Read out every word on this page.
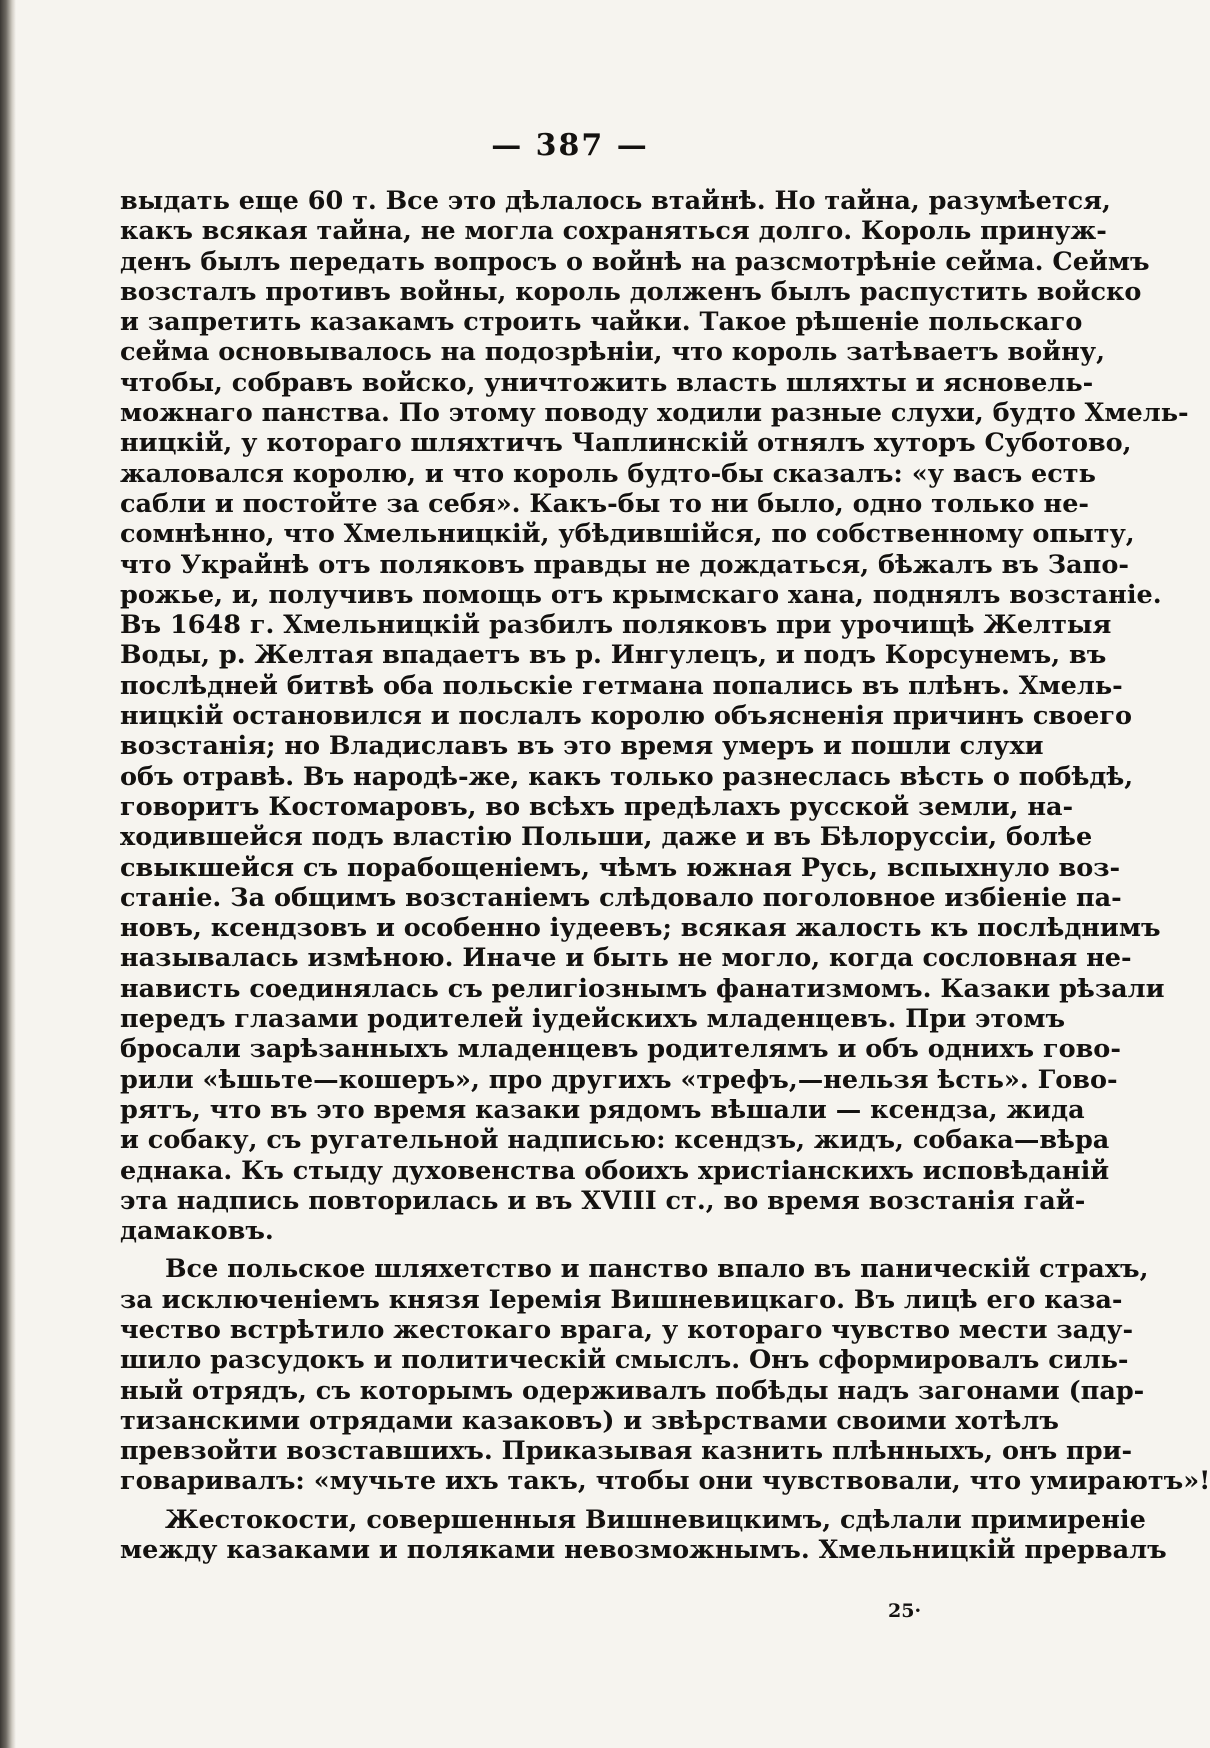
— 387 —
выдать еще 60 т. Все это дѣлалось втайнѣ. Но тайна, разумѣется,
какъ всякая тайна, не могла сохраняться долго. Король принуж-
денъ былъ передать вопросъ о войнѣ на разсмотрѣніе сейма. Сеймъ
возсталъ противъ войны, король долженъ былъ распустить войско
и запретить казакамъ строить чайки. Такое рѣшеніе польскаго
сейма основывалось на подозрѣніи, что король затѣваетъ войну,
чтобы, собравъ войско, уничтожить власть шляхты и ясновель-
можнаго панства. По этому поводу ходили разные слухи, будто Хмель-
ницкій, у котораго шляхтичъ Чаплинскій отнялъ хуторъ Суботово,
жаловался королю, и что король будто-бы сказалъ: «у васъ есть
сабли и постойте за себя». Какъ-бы то ни было, одно только не-
сомнѣнно, что Хмельницкій, убѣдившійся, по собственному опыту,
что Украйнѣ отъ поляковъ правды не дождаться, бѣжалъ въ Запо-
рожье, и, получивъ помощь отъ крымскаго хана, поднялъ возстаніе.
Въ 1648 г. Хмельницкій разбилъ поляковъ при урочищѣ Желтыя
Воды, р. Желтая впадаетъ въ р. Ингулецъ, и подъ Корсунемъ, въ
послѣдней битвѣ оба польскіе гетмана попались въ плѣнъ. Хмель-
ницкій остановился и послалъ королю объясненія причинъ своего
возстанія; но Владиславъ въ это время умеръ и пошли слухи
объ отравѣ. Въ народѣ-же, какъ только разнеслась вѣсть о побѣдѣ,
говоритъ Костомаровъ, во всѣхъ предѣлахъ русской земли, на-
ходившейся подъ властію Польши, даже и въ Бѣлоруссіи, болѣе
свыкшейся съ порабощеніемъ, чѣмъ южная Русь, вспыхнуло воз-
станіе. За общимъ возстаніемъ слѣдовало поголовное избіеніе па-
новъ, ксендзовъ и особенно іудеевъ; всякая жалость къ послѣднимъ
называлась измѣною. Иначе и быть не могло, когда сословная не-
нависть соединялась съ религіознымъ фанатизмомъ. Казаки рѣзали
передъ глазами родителей іудейскихъ младенцевъ. При этомъ
бросали зарѣзанныхъ младенцевъ родителямъ и объ однихъ гово-
рили «ѣшьте—кошеръ», про другихъ «трефъ,—нельзя ѣсть». Гово-
рятъ, что въ это время казаки рядомъ вѣшали — ксендза, жида
и собаку, съ ругательной надписью: ксендзъ, жидъ, собака—вѣра
еднака. Къ стыду духовенства обоихъ христіанскихъ исповѣданій
эта надпись повторилась и въ XVIII ст., во время возстанія гай-
дамаковъ.
Все польское шляхетство и панство впало въ паническій страхъ,
за исключеніемъ князя Іеремія Вишневицкаго. Въ лицѣ его каза-
чество встрѣтило жестокаго врага, у котораго чувство мести заду-
шило разсудокъ и политическій смыслъ. Онъ сформировалъ силь-
ный отрядъ, съ которымъ одерживалъ побѣды надъ загонами (пар-
тизанскими отрядами казаковъ) и звѣрствами своими хотѣлъ
превзойти возставшихъ. Приказывая казнить плѣнныхъ, онъ при-
говаривалъ: «мучьте ихъ такъ, чтобы они чувствовали, что умираютъ»!
Жестокости, совершенныя Вишневицкимъ, сдѣлали примиреніе
между казаками и поляками невозможнымъ. Хмельницкій прервалъ
25·
